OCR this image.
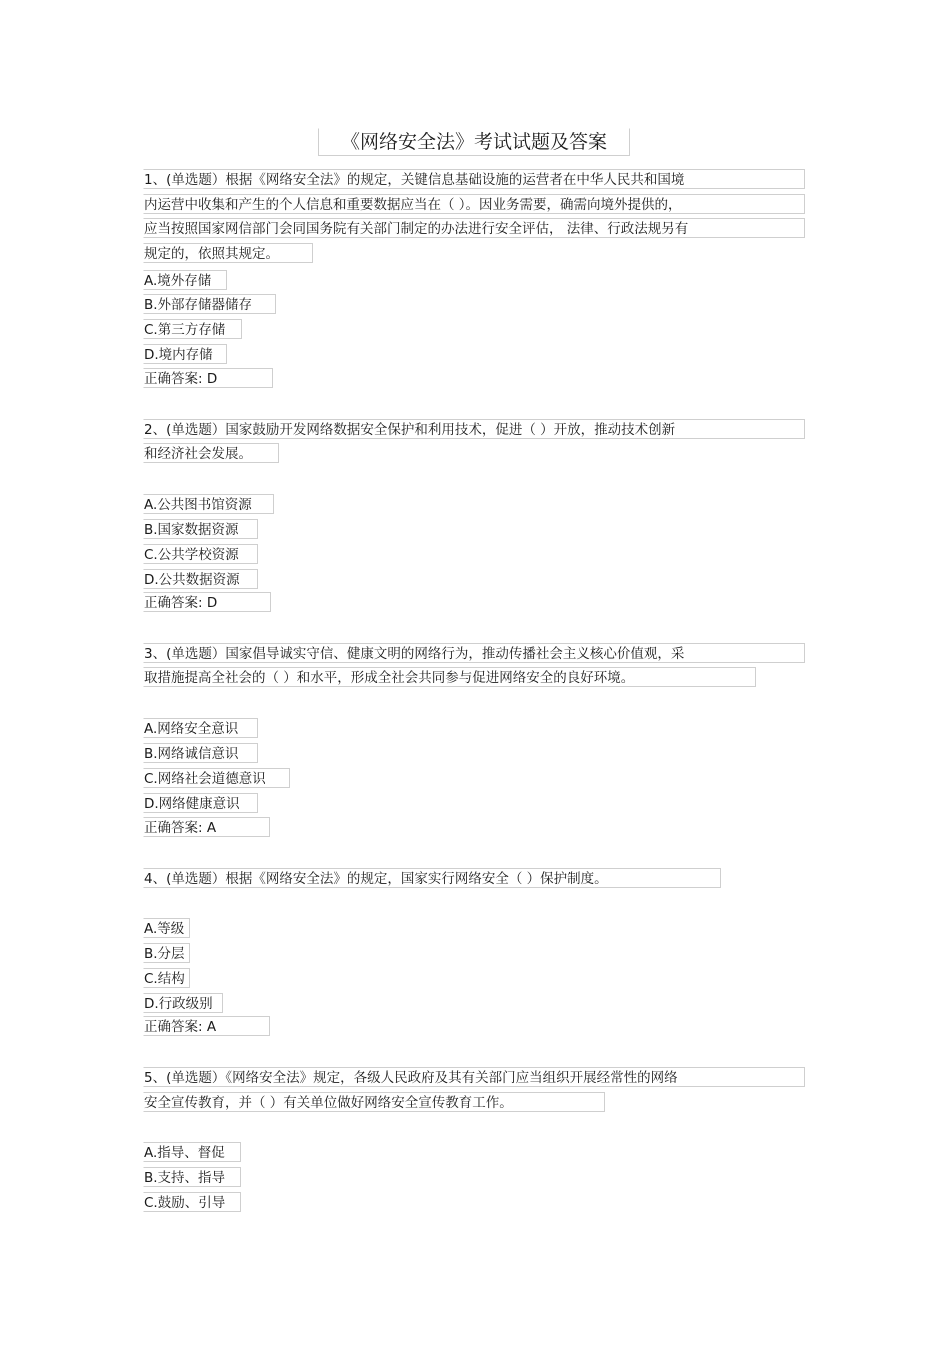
《网络安全法》考试试题及答案
1、(单选题）根据《网络安全法》的规定，关键信息基础设施的运营者在中华人民共和国境
内运营中收集和产生的个人信息和重要数据应当在（ ）。因业务需要，确需向境外提供的，
应当按照国家网信部门会同国务院有关部门制定的办法进行安全评估， 法律、行政法规另有
规定的，依照其规定。
A.境外存储
B.外部存储器储存
C.第三方存储
D.境内存储
正确答案: D
2、(单选题）国家鼓励开发网络数据安全保护和利用技术，促进（ ）开放，推动技术创新
和经济社会发展。
A.公共图书馆资源
B.国家数据资源
C.公共学校资源
D.公共数据资源
正确答案: D
3、(单选题）国家倡导诚实守信、健康文明的网络行为，推动传播社会主义核心价值观，采
取措施提高全社会的（ ）和水平，形成全社会共同参与促进网络安全的良好环境。
A.网络安全意识
B.网络诚信意识
C.网络社会道德意识
D.网络健康意识
正确答案: A
4、(单选题）根据《网络安全法》的规定，国家实行网络安全（ ）保护制度。
A.等级
B.分层
C.结构
D.行政级别
正确答案: A
5、(单选题）《网络安全法》规定，各级人民政府及其有关部门应当组织开展经常性的网络
安全宣传教育，并（ ）有关单位做好网络安全宣传教育工作。
A.指导、督促
B.支持、指导
C.鼓励、引导
